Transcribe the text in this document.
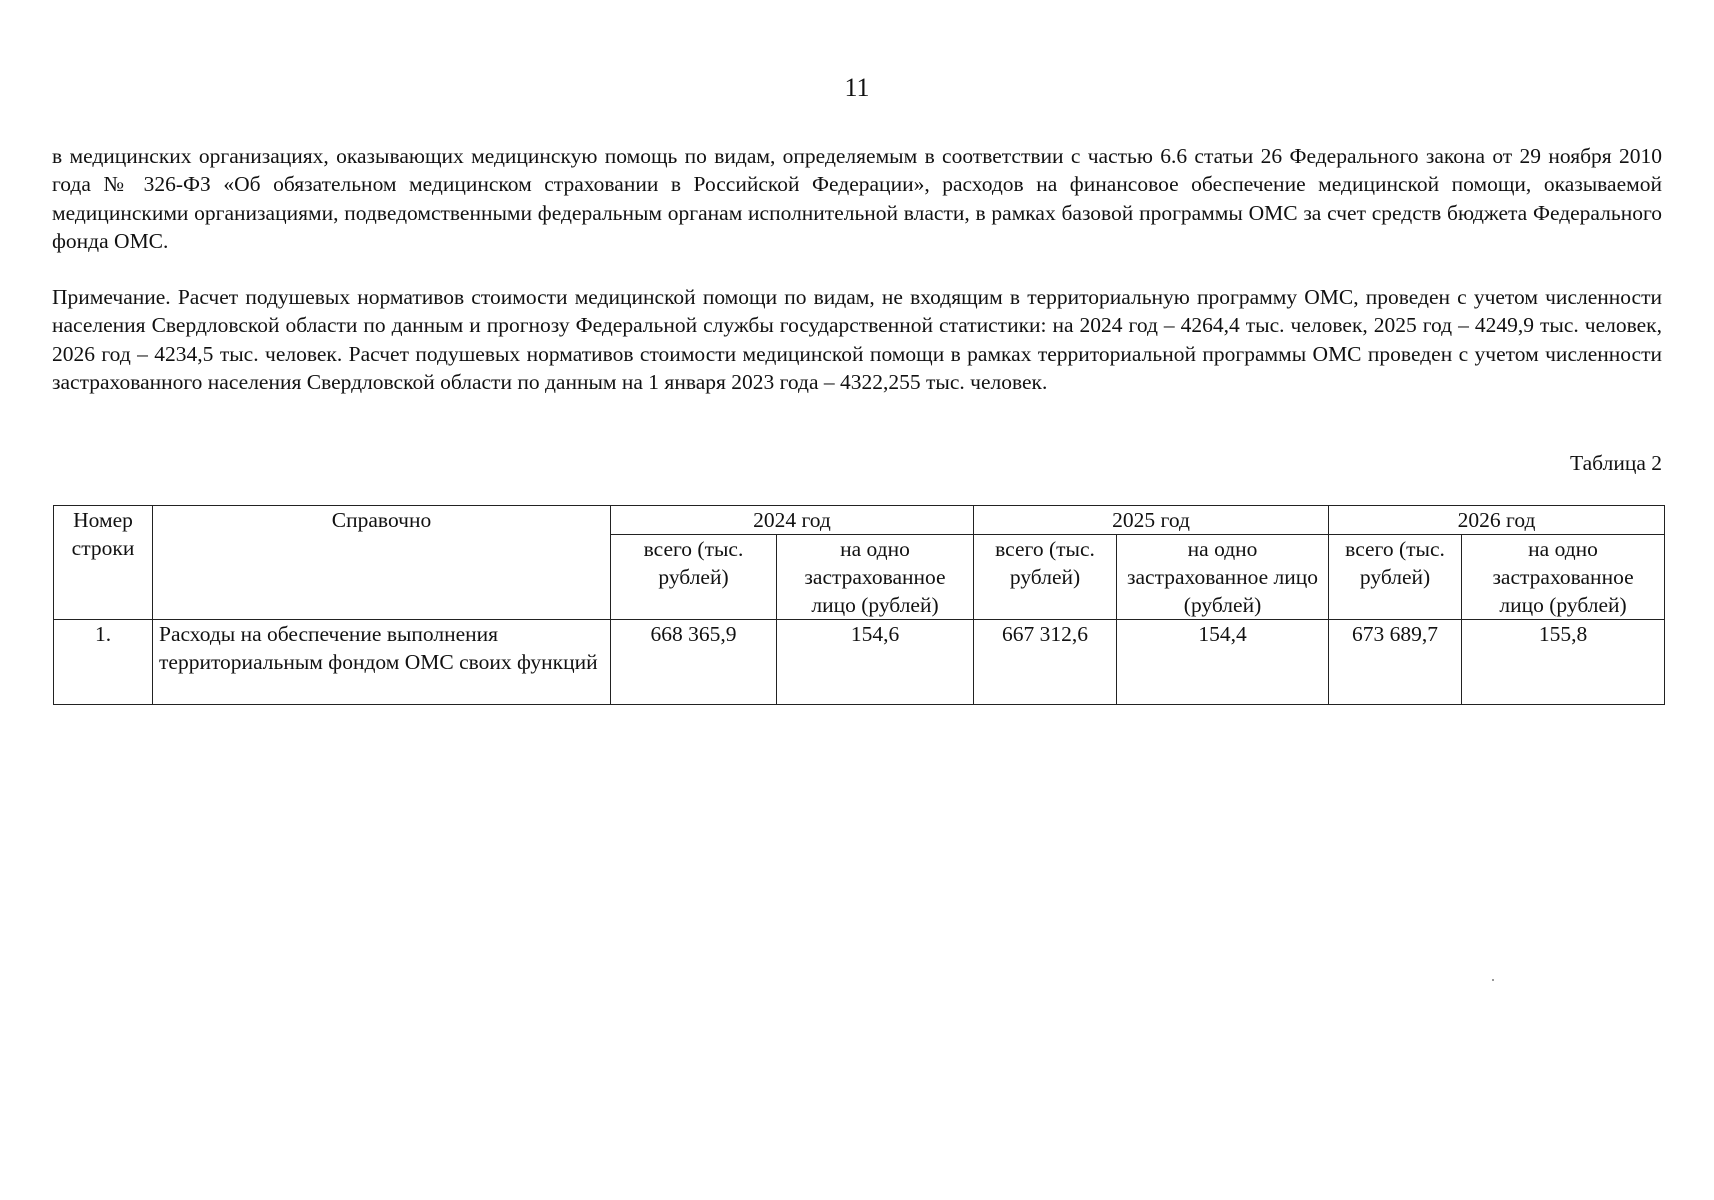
11

в медицинских организациях, оказывающих медицинскую помощь по видам, определяемым в соответствии с частью 6.6 статьи 26 Федерального закона от 29 ноября 2010 года № 326-ФЗ «Об обязательном медицинском страховании в Российской Федерации», расходов на финансовое обеспечение медицинской помощи, оказываемой медицинскими организациями, подведомственными федеральным органам исполнительной власти, в рамках базовой программы ОМС за счет средств бюджета Федерального фонда ОМС.

Примечание. Расчет подушевых нормативов стоимости медицинской помощи по видам, не входящим в территориальную программу ОМС, проведен с учетом численности населения Свердловской области по данным и прогнозу Федеральной службы государственной статистики: на 2024 год – 4264,4 тыс. человек, 2025 год – 4249,9 тыс. человек, 2026 год – 4234,5 тыс. человек. Расчет подушевых нормативов стоимости медицинской помощи в рамках территориальной программы ОМС проведен с учетом численности застрахованного населения Свердловской области по данным на 1 января 2023 года – 4322,255 тыс. человек.

Таблица 2
Номер строки	Справочно	2024 год		2025 год		2026 год	
		всего (тыс. рублей)	на одно застрахованное лицо (рублей)	всего (тыс. рублей)	на одно застрахованное лицо (рублей)	всего (тыс. рублей)	на одно застрахованное лицо (рублей)
1.	Расходы на обеспечение выполнения территориальным фондом ОМС своих функций	668 365,9	154,6	667 312,6	154,4	673 689,7	155,8
